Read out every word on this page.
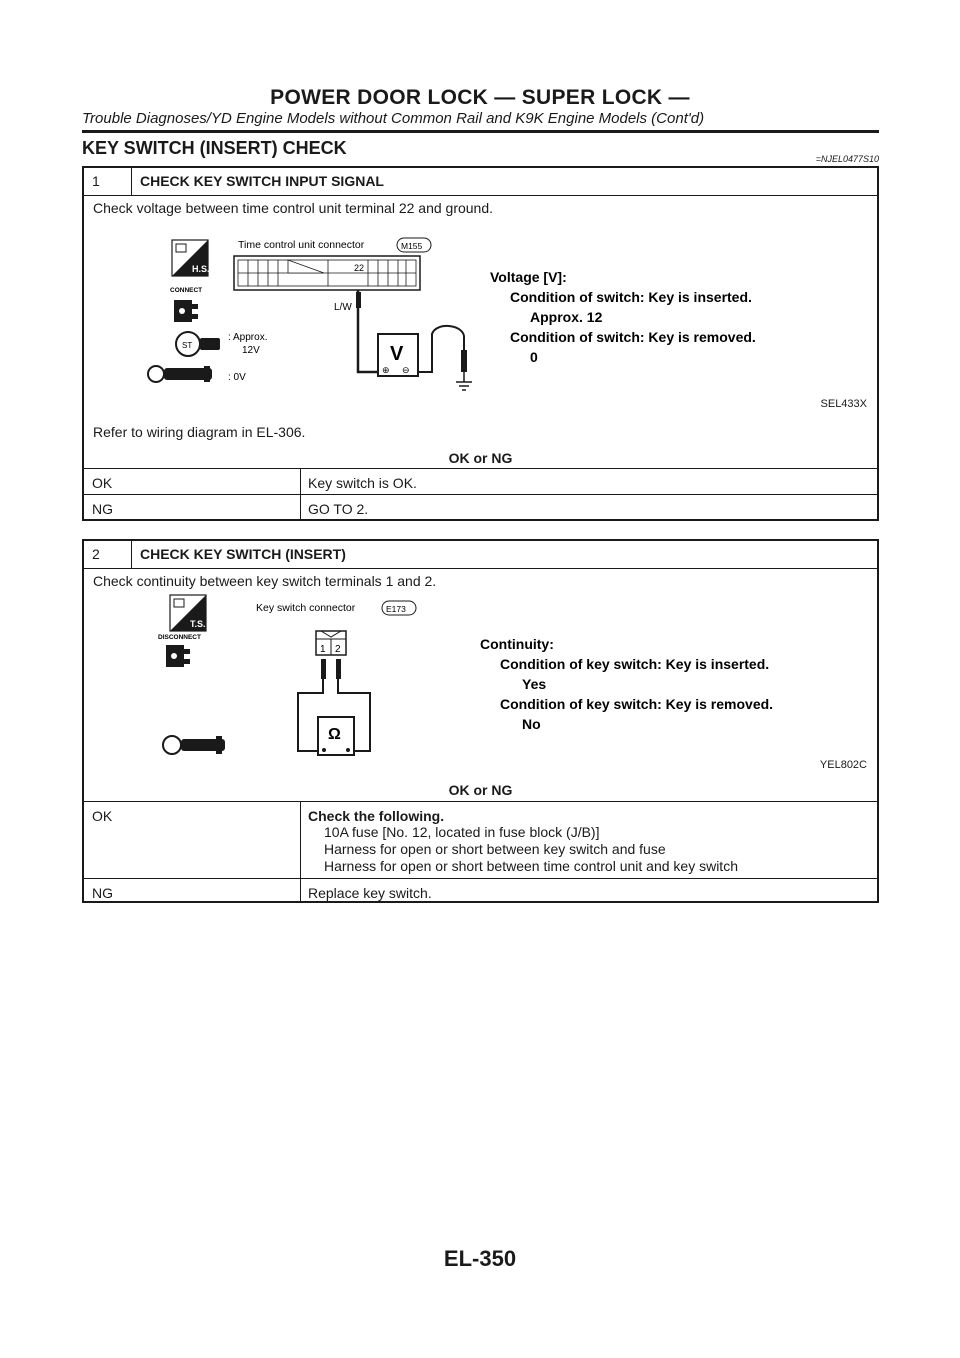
POWER DOOR LOCK — SUPER LOCK —
Trouble Diagnoses/YD Engine Models without Common Rail and K9K Engine Models (Cont'd)
KEY SWITCH (INSERT) CHECK
=NJEL0477S10
1	CHECK KEY SWITCH INPUT SIGNAL
Check voltage between time control unit terminal 22 and ground.
H.S.
CONNECT
ST
: Approx.
12V
: 0V
Time control unit connector	M155
22
L/W
V
⊕ ⊖
Voltage [V]:
Condition of switch: Key is inserted.
Approx. 12
Condition of switch: Key is removed.
0
SEL433X
Refer to wiring diagram in EL-306.
OK or NG
OK	Key switch is OK.
NG	GO TO 2.
2	CHECK KEY SWITCH (INSERT)
Check continuity between key switch terminals 1 and 2.
T.S.
DISCONNECT
Key switch connector	E173
1 2
Ω
Continuity:
Condition of key switch: Key is inserted.
Yes
Condition of key switch: Key is removed.
No
YEL802C
OK or NG
OK	Check the following.
10A fuse [No. 12, located in fuse block (J/B)]
Harness for open or short between key switch and fuse
Harness for open or short between time control unit and key switch
NG	Replace key switch.
EL-350
